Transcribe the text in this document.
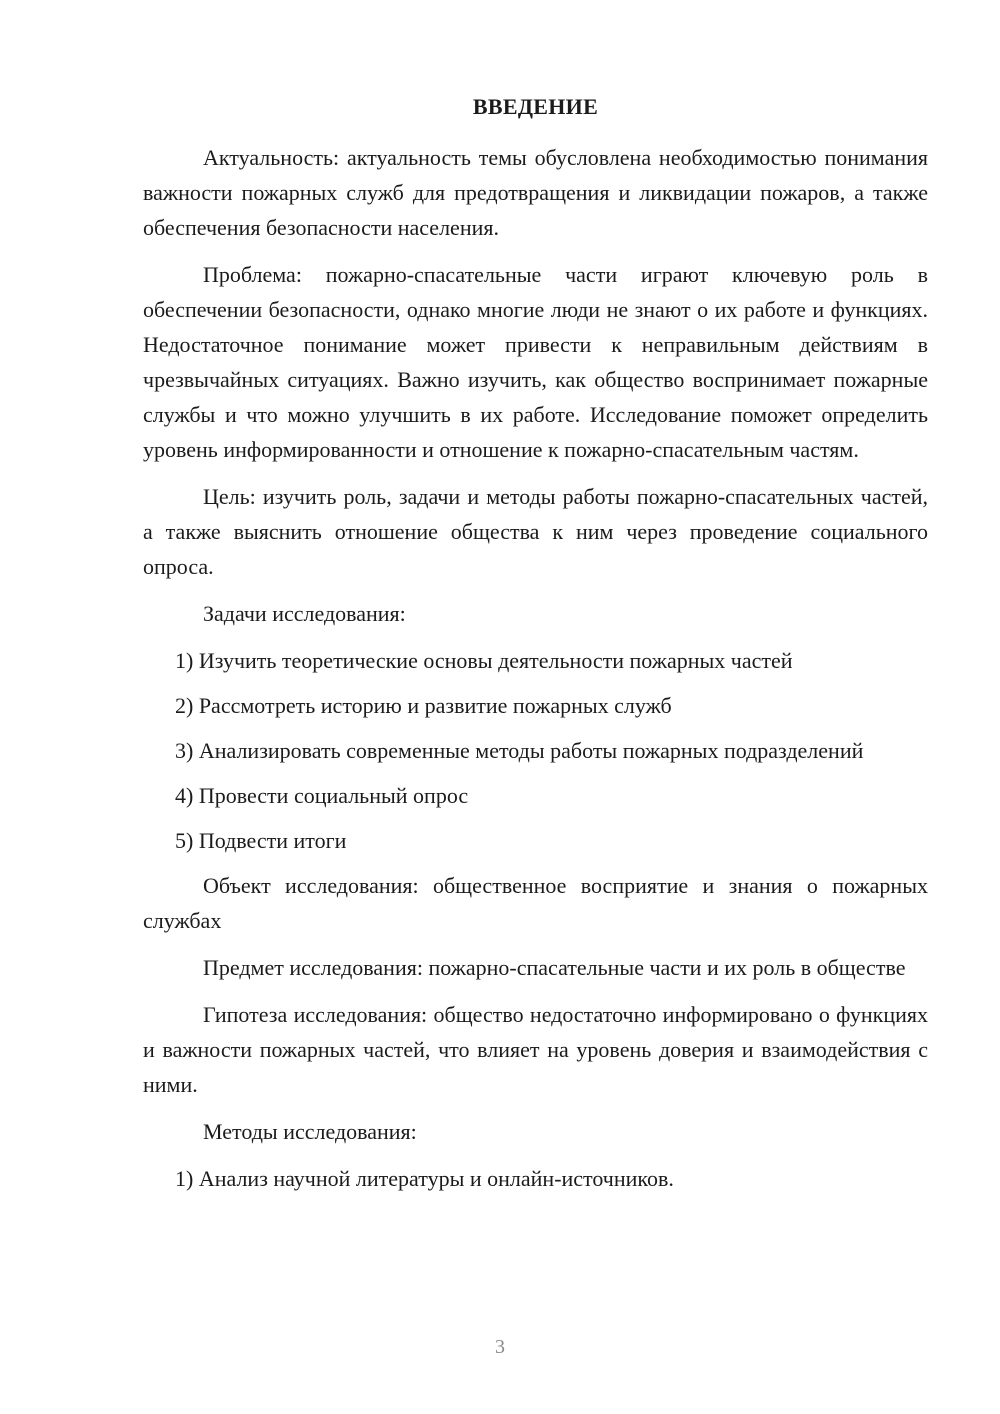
ВВЕДЕНИЕ

Актуальность: актуальность темы обусловлена необходимостью понимания важности пожарных служб для предотвращения и ликвидации пожаров, а также обеспечения безопасности населения.

Проблема: пожарно-спасательные части играют ключевую роль в обеспечении безопасности, однако многие люди не знают о их работе и функциях. Недостаточное понимание может привести к неправильным действиям в чрезвычайных ситуациях. Важно изучить, как общество воспринимает пожарные службы и что можно улучшить в их работе. Исследование поможет определить уровень информированности и отношение к пожарно-спасательным частям.

Цель: изучить роль, задачи и методы работы пожарно-спасательных частей, а также выяснить отношение общества к ним через проведение социального опроса.

Задачи исследования:

1) Изучить теоретические основы деятельности пожарных частей

2) Рассмотреть историю и развитие пожарных служб

3) Анализировать современные методы работы пожарных подразделений

4) Провести социальный опрос

5) Подвести итоги

Объект исследования: общественное восприятие и знания о пожарных службах

Предмет исследования: пожарно-спасательные части и их роль в обществе

Гипотеза исследования: общество недостаточно информировано о функциях и важности пожарных частей, что влияет на уровень доверия и взаимодействия с ними.

Методы исследования:

1) Анализ научной литературы и онлайн-источников.

3
